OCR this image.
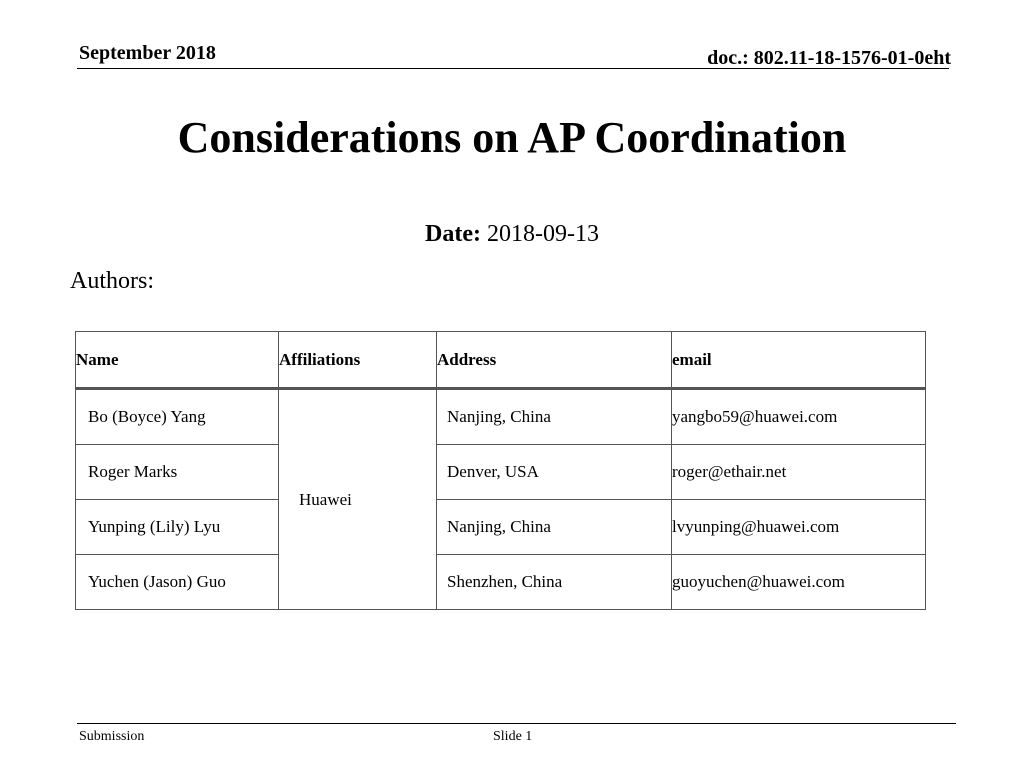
September 2018	doc.: 802.11-18-1576-01-0eht
Considerations on AP Coordination
Date: 2018-09-13
Authors:
Name	Affiliations	Address	email
Bo (Boyce) Yang	Huawei	Nanjing, China	yangbo59@huawei.com
Roger Marks		Denver, USA	roger@ethair.net
Yunping (Lily) Lyu		Nanjing, China	lvyunping@huawei.com
Yuchen (Jason) Guo		Shenzhen, China	guoyuchen@huawei.com
Submission	Slide 1
